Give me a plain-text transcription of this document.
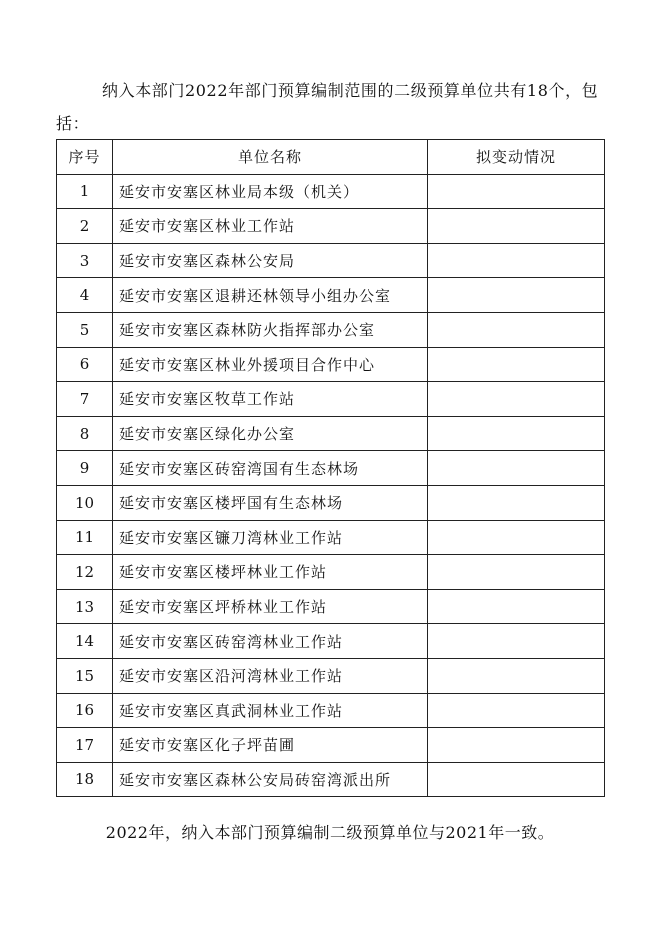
纳入本部门2022年部门预算编制范围的二级预算单位共有18个，包括：

序号	单位名称	拟变动情况
1	延安市安塞区林业局本级（机关）	
2	延安市安塞区林业工作站	
3	延安市安塞区森林公安局	
4	延安市安塞区退耕还林领导小组办公室	
5	延安市安塞区森林防火指挥部办公室	
6	延安市安塞区林业外援项目合作中心	
7	延安市安塞区牧草工作站	
8	延安市安塞区绿化办公室	
9	延安市安塞区砖窑湾国有生态林场	
10	延安市安塞区楼坪国有生态林场	
11	延安市安塞区镰刀湾林业工作站	
12	延安市安塞区楼坪林业工作站	
13	延安市安塞区坪桥林业工作站	
14	延安市安塞区砖窑湾林业工作站	
15	延安市安塞区沿河湾林业工作站	
16	延安市安塞区真武洞林业工作站	
17	延安市安塞区化子坪苗圃	
18	延安市安塞区森林公安局砖窑湾派出所	

2022年，纳入本部门预算编制二级预算单位与2021年一致。
